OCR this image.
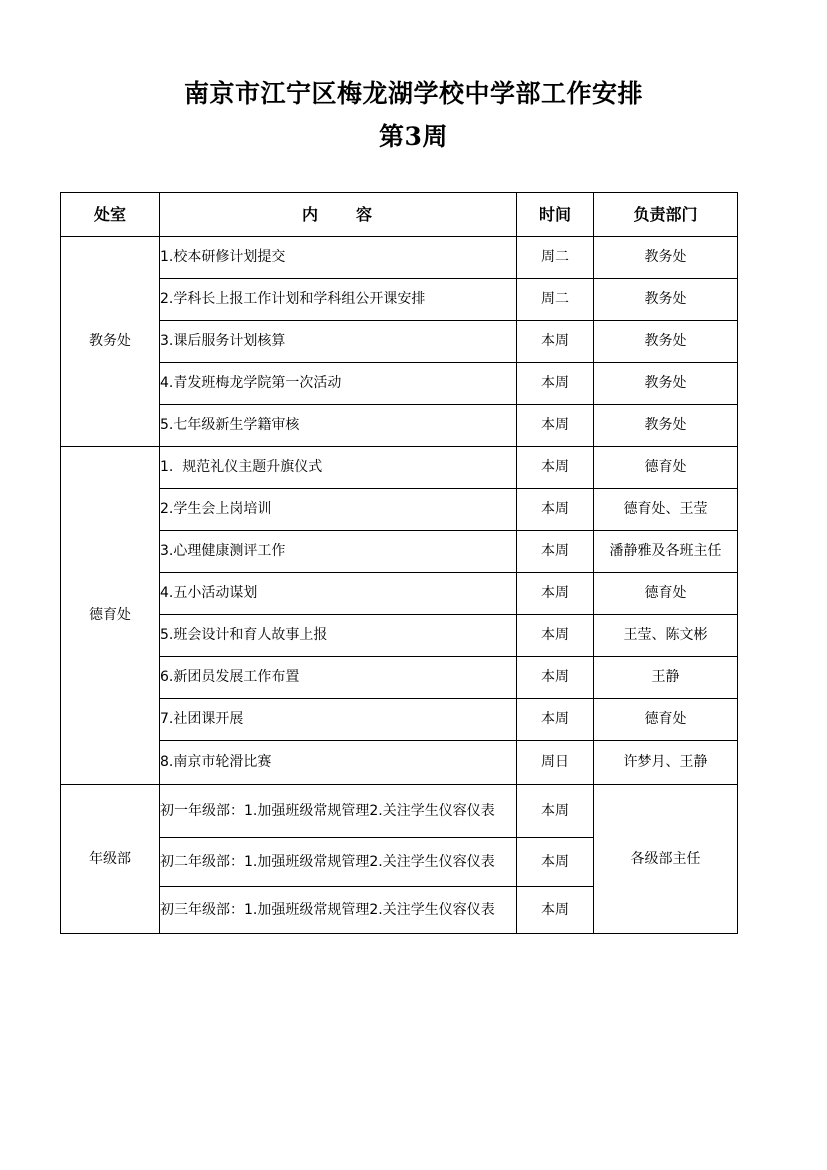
南京市江宁区梅龙湖学校中学部工作安排
第3周
处室	内　　容	时间	负责部门
教务处	1.校本研修计划提交	周二	教务处
	2.学科长上报工作计划和学科组公开课安排	周二	教务处
	3.课后服务计划核算	本周	教务处
	4.青发班梅龙学院第一次活动	本周	教务处
	5.七年级新生学籍审核	本周	教务处
德育处	1.  规范礼仪主题升旗仪式	本周	德育处
	2.学生会上岗培训	本周	德育处、王莹
	3.心理健康测评工作	本周	潘静雅及各班主任
	4.五小活动谋划	本周	德育处
	5.班会设计和育人故事上报	本周	王莹、陈文彬
	6.新团员发展工作布置	本周	王静
	7.社团课开展	本周	德育处
	8.南京市轮滑比赛	周日	许梦月、王静
年级部	初一年级部：1.加强班级常规管理2.关注学生仪容仪表	本周	各级部主任
	初二年级部：1.加强班级常规管理2.关注学生仪容仪表	本周	
	初三年级部：1.加强班级常规管理2.关注学生仪容仪表	本周	
